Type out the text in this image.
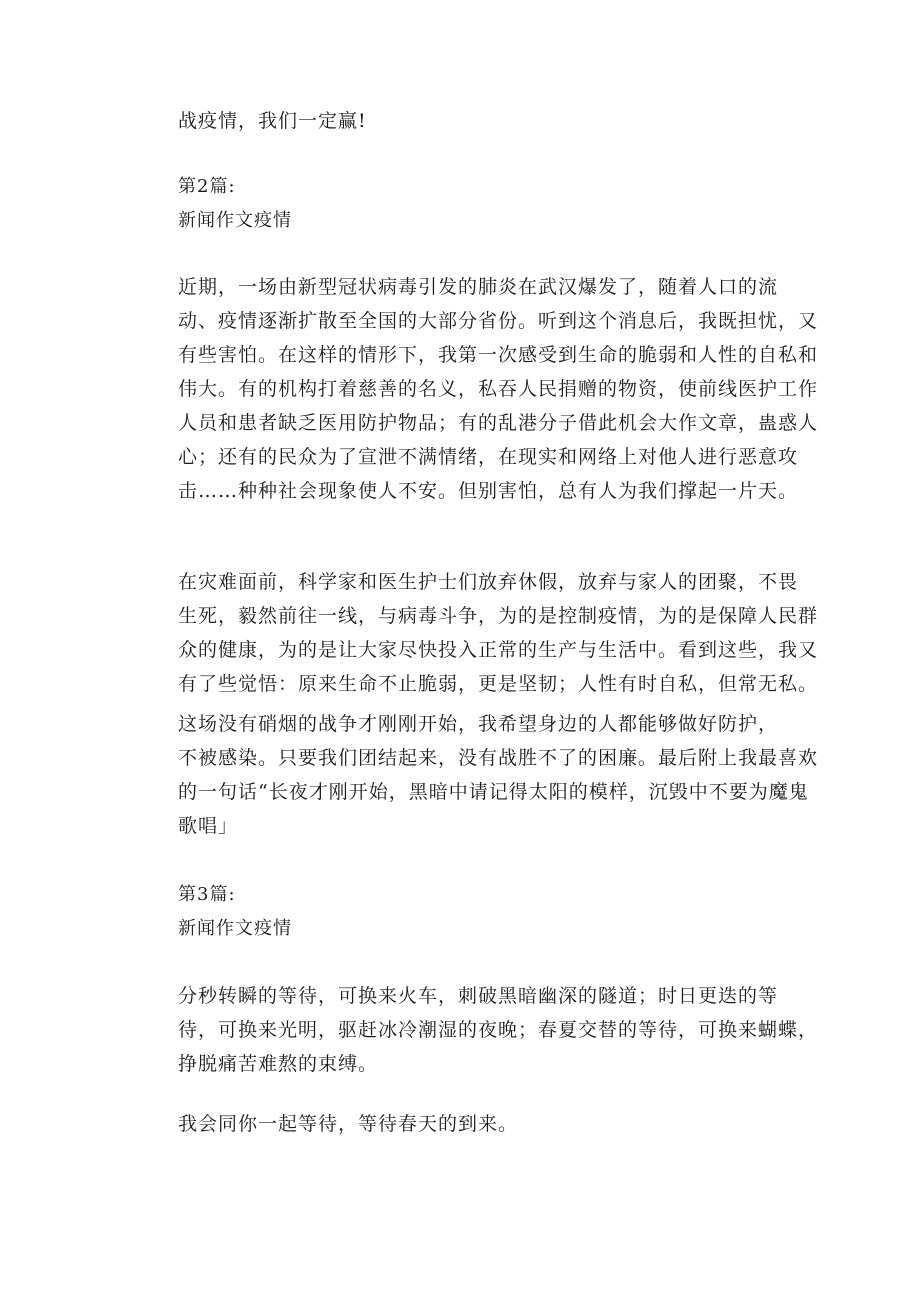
战疫情，我们一定赢!

第2篇:

新闻作文疫情

近期，一场由新型冠状病毒引发的肺炎在武汉爆发了，随着人口的流
动、疫情逐渐扩散至全国的大部分省份。听到这个消息后，我既担忧，又
有些害怕。在这样的情形下，我第一次感受到生命的脆弱和人性的自私和
伟大。有的机构打着慈善的名义，私吞人民捐赠的物资，使前线医护工作
人员和患者缺乏医用防护物品；有的乱港分子借此机会大作文章，蛊惑人
心；还有的民众为了宣泄不满情绪，在现实和网络上对他人进行恶意攻
击……种种社会现象使人不安。但别害怕，总有人为我们撑起一片天。
在灾难面前，科学家和医生护士们放弃休假，放弃与家人的团聚，不畏
生死，毅然前往一线，与病毒斗争，为的是控制疫情，为的是保障人民群
众的健康，为的是让大家尽快投入正常的生产与生活中。看到这些，我又
有了些觉悟：原来生命不止脆弱，更是坚韧；人性有时自私，但常无私。
这场没有硝烟的战争才刚刚开始，我希望身边的人都能够做好防护，
不被感染。只要我们团结起来，没有战胜不了的困廉。最后附上我最喜欢
的一句话“长夜才刚开始，黑暗中请记得太阳的模样，沉毁中不要为魔鬼
歌唱」

第3篇:

新闻作文疫情

分秒转瞬的等待，可换来火车，刺破黑暗幽深的隧道；时日更迭的等
待，可换来光明，驱赶冰冷潮湿的夜晚；春夏交替的等待，可换来蝴蝶，
挣脱痛苦难熬的束缚。
我会同你一起等待，等待春天的到来。
